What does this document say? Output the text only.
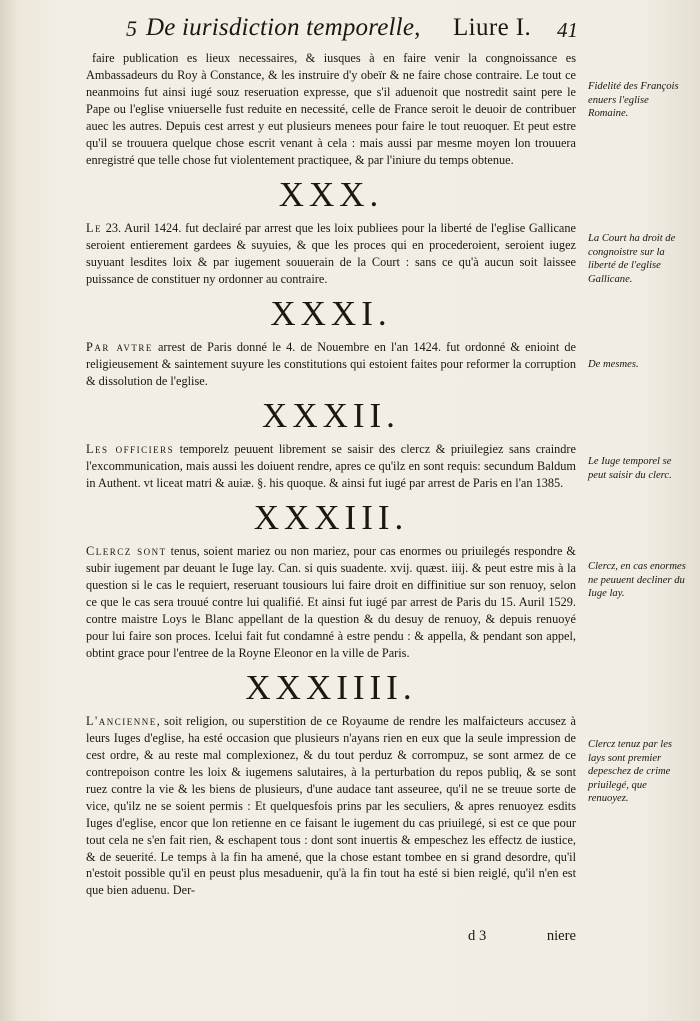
5 De iurisdiction temporelle, Liure I. 41

faire publication es lieux necessaires, & iusques à en faire venir la congnoissance es Ambassadeurs du Roy à Constance, & les instruire d'y obeïr & ne faire chose contraire. Le tout ce neanmoins fut ainsi iugé souz reseruation expresse, que s'il aduenoit que nostredit saint pere le Pape ou l'eglise vniuerselle fust reduite en necessité, celle de France seroit le deuoir de contribuer auec les autres. Depuis cest arrest y eut plusieurs menees pour faire le tout reuoquer. Et peut estre qu'il se trouuera quelque chose escrit venant à cela : mais aussi par mesme moyen lon trouuera enregistré que telle chose fut violentement practiquee, & par l'iniure du temps obtenue.

XXX.

Le 23. Auril 1424. fut declairé par arrest que les loix publiees pour la liberté de l'eglise Gallicane seroient entierement gardees & suyuies, & que les proces qui en procederoient, seroient iugez suyuant lesdites loix & par iugement souuerain de la Court : sans ce qu'à aucun soit laissee puissance de constituer ny ordonner au contraire.

XXXI.

Par avtre arrest de Paris donné le 4. de Nouembre en l'an 1424. fut ordonné & enioint de religieusement & saintement suyure les constitutions qui estoient faites pour reformer la corruption & dissolution de l'eglise.

XXXII.

Les officiers temporelz peuuent librement se saisir des clercz & priuilegiez sans craindre l'excommunication, mais aussi les doiuent rendre, apres ce qu'ilz en sont requis: secundum Baldum in Authent. vt liceat matri & auiæ. §. his quoque. & ainsi fut iugé par arrest de Paris en l'an 1385.

XXXIII.

Clercz sont tenus, soient mariez ou non mariez, pour cas enormes ou priuilegés respondre & subir iugement par deuant le Iuge lay. Can. si quis suadente. xvij. quæst. iiij. & peut estre mis à la question si le cas le requiert, reseruant tousiours lui faire droit en diffinitiue sur son renuoy, selon ce que le cas sera trouué contre lui qualifié. Et ainsi fut iugé par arrest de Paris du 15. Auril 1529. contre maistre Loys le Blanc appellant de la question & du desuy de renuoy, & depuis renuoyé pour lui faire son proces. Icelui fait fut condamné à estre pendu : & appella, & pendant son appel, obtint grace pour l'entree de la Royne Eleonor en la ville de Paris.

XXXIIII.

L'ancienne, soit religion, ou superstition de ce Royaume de rendre les malfaicteurs accusez à leurs Iuges d'eglise, ha esté occasion que plusieurs n'ayans rien en eux que la seule impression de cest ordre, & au reste mal complexionez, & du tout perduz & corrompuz, se sont armez de ce contrepoison contre les loix & iugemens salutaires, à la perturbation du repos publiq, & se sont ruez contre la vie & les biens de plusieurs, d'une audace tant asseuree, qu'il ne se treuue sorte de vice, qu'ilz ne se soient permis : Et quelquesfois prins par les seculiers, & apres renuoyez esdits Iuges d'eglise, encor que lon retienne en ce faisant le iugement du cas priuilegé, si est ce que pour tout cela ne s'en fait rien, & eschapent tous : dont sont inuertis & empeschez les effectz de iustice, & de seuerité. Le temps à la fin ha amené, que la chose estant tombee en si grand desordre, qu'il n'estoit possible qu'il en peust plus mesaduenir, qu'à la fin tout ha esté si bien reiglé, qu'il n'en est que bien aduenu. Der-

Fidelité des François enuers l'eglise Romaine.
La Court ha droit de congnoistre sur la liberté de l'eglise Gallicane.
De mesmes.
Le Iuge temporel se peut saisir du clerc.
Clercz, en cas enormes ne peuuent decliner du Iuge lay.
Clercz tenuz par les lays sont premier depeschez de crime priuilegé, que renuoyez.
d 3	niere
